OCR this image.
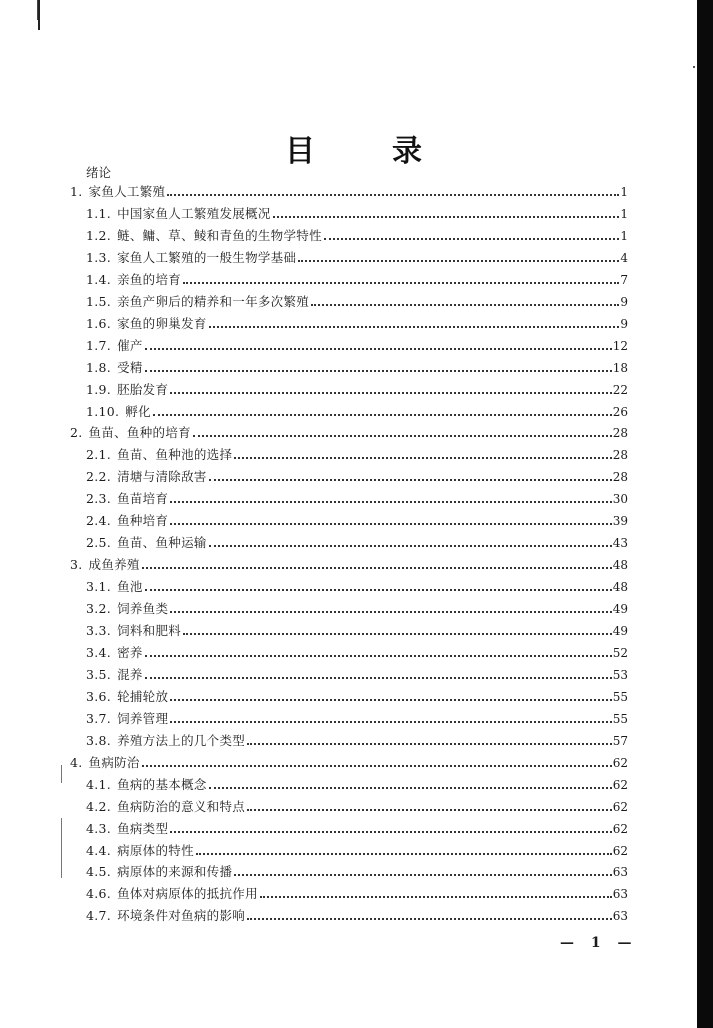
目	录
绪论
1. 家鱼人工繁殖	1
1.1. 中国家鱼人工繁殖发展概况	1
1.2. 鲢、鳙、草、鲮和青鱼的生物学特性	1
1.3. 家鱼人工繁殖的一般生物学基础	4
1.4. 亲鱼的培育	7
1.5. 亲鱼产卵后的精养和一年多次繁殖	9
1.6. 家鱼的卵巢发育	9
1.7. 催产	12
1.8. 受精	18
1.9. 胚胎发育	22
1.10. 孵化	26
2. 鱼苗、鱼种的培育	28
2.1. 鱼苗、鱼种池的选择	28
2.2. 清塘与清除敌害	28
2.3. 鱼苗培育	30
2.4. 鱼种培育	39
2.5. 鱼苗、鱼种运输	43
3. 成鱼养殖	48
3.1. 鱼池	48
3.2. 饲养鱼类	49
3.3. 饲料和肥料	49
3.4. 密养	52
3.5. 混养	53
3.6. 轮捕轮放	55
3.7. 饲养管理	55
3.8. 养殖方法上的几个类型	57
4. 鱼病防治	62
4.1. 鱼病的基本概念	62
4.2. 鱼病防治的意义和特点	62
4.3. 鱼病类型	62
4.4. 病原体的特性	62
4.5. 病原体的来源和传播	63
4.6. 鱼体对病原体的抵抗作用	63
4.7. 环境条件对鱼病的影响	63
— 1 —
